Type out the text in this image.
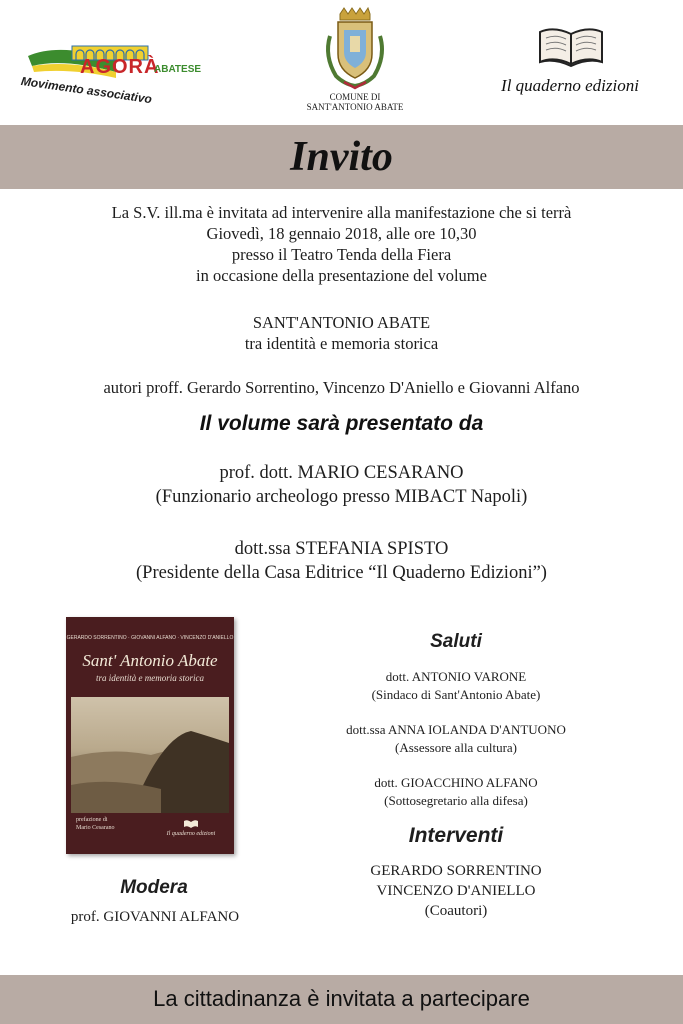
AGORÀ
ABATESE
Movimento associativo	COMUNE DI
SANT'ANTONIO ABATE
Il quaderno edizioni
Invito
La S.V. ill.ma è invitata ad intervenire alla manifestazione che si terrà
Giovedì, 18 gennaio 2018, alle ore 10,30
presso il Teatro Tenda della Fiera
in occasione della presentazione del volume
SANT'ANTONIO ABATE
tra identità e memoria storica
autori proff. Gerardo Sorrentino, Vincenzo D'Aniello e Giovanni Alfano
Il volume sarà presentato da
prof. dott. MARIO CESARANO
(Funzionario archeologo presso MIBACT Napoli)
dott.ssa STEFANIA SPISTO
(Presidente della Casa Editrice “Il Quaderno Edizioni”)
GERARDO SORRENTINO · GIOVANNI ALFANO · VINCENZO D'ANIELLO
Sant' Antonio Abate
tra identità e memoria storica
prefazione di
Mario Cesarano
Il quaderno edizioni
Modera
prof. GIOVANNI ALFANO
Saluti
dott. ANTONIO VARONE
(Sindaco di Sant'Antonio Abate)
dott.ssa ANNA IOLANDA D'ANTUONO
(Assessore alla cultura)
dott. GIOACCHINO ALFANO
(Sottosegretario alla difesa)
Interventi
GERARDO SORRENTINO
VINCENZO D'ANIELLO
(Coautori)
La cittadinanza è invitata a partecipare
